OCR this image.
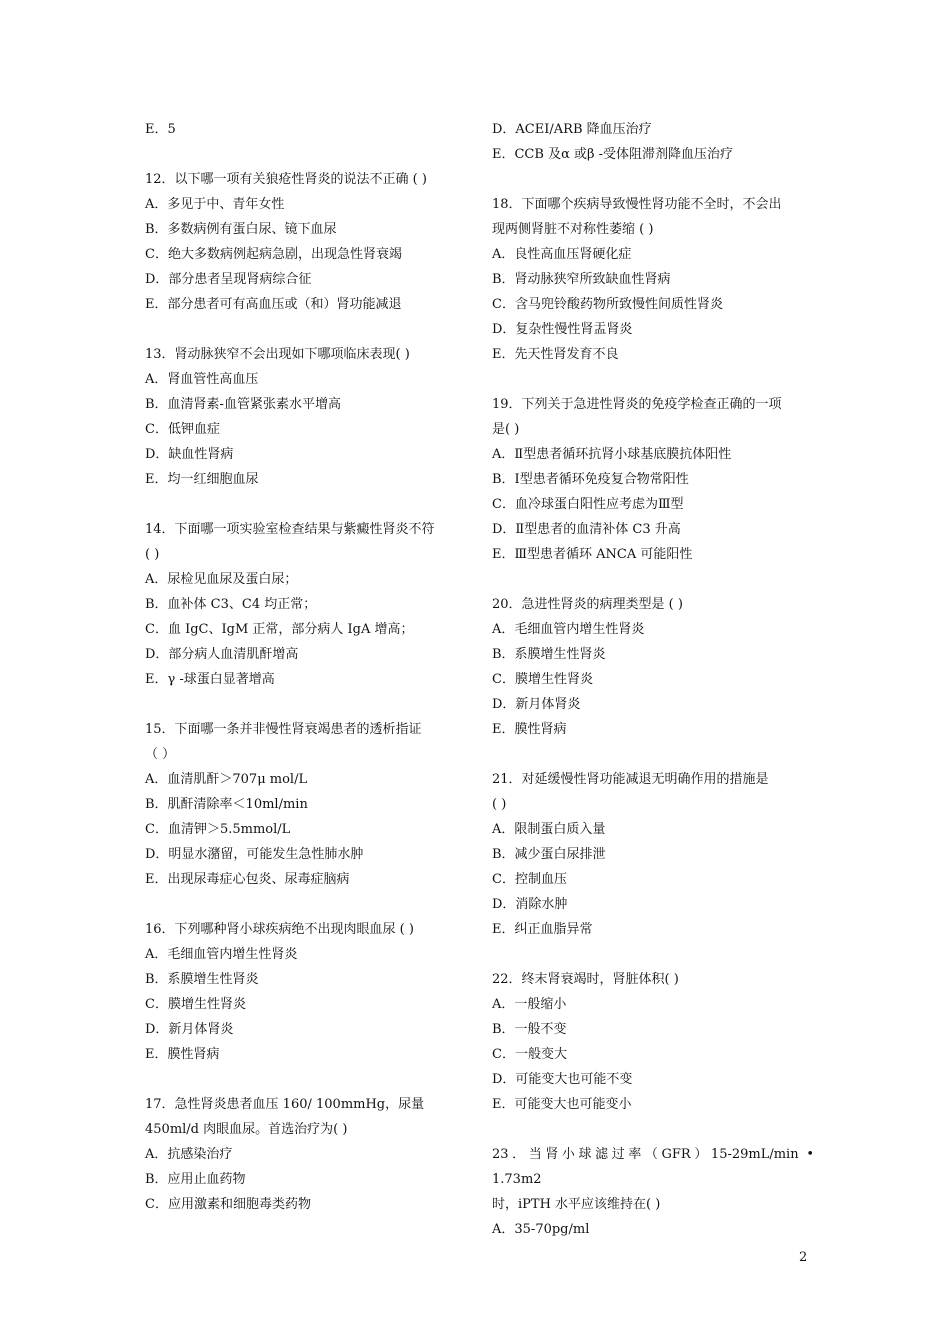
E．5
12．以下哪一项有关狼疮性肾炎的说法不正确 ( )
A．多见于中、青年女性
B．多数病例有蛋白尿、镜下血尿
C．绝大多数病例起病急剧，出现急性肾衰竭
D．部分患者呈现肾病综合征
E．部分患者可有高血压或（和）肾功能减退
13．肾动脉狭窄不会出现如下哪项临床表现( )
A．肾血管性高血压
B．血清肾素-血管紧张素水平增高
C．低钾血症
D．缺血性肾病
E．均一红细胞血尿
14．下面哪一项实验室检查结果与紫癜性肾炎不符
( )
A．尿检见血尿及蛋白尿；
B．血补体 C3、C4 均正常；
C．血 IgC、IgM 正常，部分病人 IgA 增高；
D．部分病人血清肌酐增高
E．γ -球蛋白显著增高
15．下面哪一条并非慢性肾衰竭患者的透析指证
（ ）
A．血清肌酐＞707μ mol/L
B．肌酐清除率＜10ml/min
C．血清钾＞5.5mmol/L
D．明显水潴留，可能发生急性肺水肿
E．出现尿毒症心包炎、尿毒症脑病
16．下列哪种肾小球疾病绝不出现肉眼血尿 ( )
A．毛细血管内增生性肾炎
B．系膜增生性肾炎
C．膜增生性肾炎
D．新月体肾炎
E．膜性肾病
17．急性肾炎患者血压 160/ 100mmHg，尿量
450ml/d 肉眼血尿。首选治疗为( )
A．抗感染治疗
B．应用止血药物
C．应用激素和细胞毒类药物
D．ACEI/ARB 降血压治疗
E．CCB 及α 或β -受体阻滞剂降血压治疗
18．下面哪个疾病导致慢性肾功能不全时，不会出
现两侧肾脏不对称性萎缩 ( )
A．良性高血压肾硬化症
B．肾动脉狭窄所致缺血性肾病
C．含马兜铃酸药物所致慢性间质性肾炎
D．复杂性慢性肾盂肾炎
E．先天性肾发育不良
19．下列关于急进性肾炎的免疫学检查正确的一项
是( )
A．Ⅱ型患者循环抗肾小球基底膜抗体阳性
B．Ⅰ型患者循环免疫复合物常阳性
C．血冷球蛋白阳性应考虑为Ⅲ型
D．Ⅱ型患者的血清补体 C3 升高
E．Ⅲ型患者循环 ANCA 可能阳性
20．急进性肾炎的病理类型是 ( )
A．毛细血管内增生性肾炎
B．系膜增生性肾炎
C．膜增生性肾炎
D．新月体肾炎
E．膜性肾病
21．对延缓慢性肾功能减退无明确作用的措施是
( )
A．限制蛋白质入量
B．减少蛋白尿排泄
C．控制血压
D．消除水肿
E．纠正血脂异常
22．终末肾衰竭时，肾脏体积( )
A．一般缩小
B．一般不变
C．一般变大
D．可能变大也可能不变
E．可能变大也可能变小
23．当肾小球滤过率（GFR）15-29mL/min • 1.73m2
时，iPTH 水平应该维持在( )
A．35-70pg/ml
2
